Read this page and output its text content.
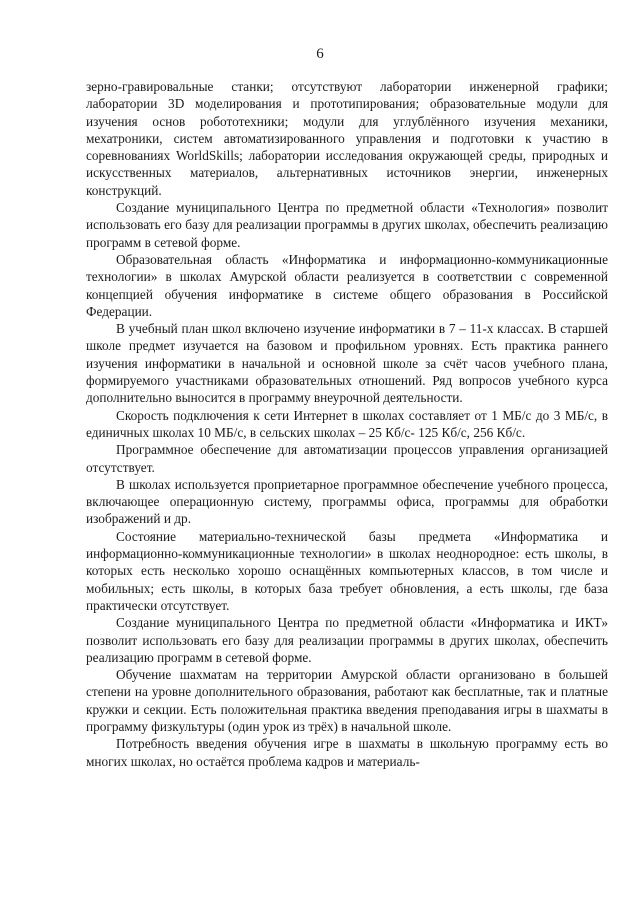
6

зерно-гравировальные станки; отсутствуют лаборатории инженерной графики; лаборатории 3D моделирования и прототипирования; образовательные модули для изучения основ робототехники; модули для углублённого изучения механики, мехатроники, систем автоматизированного управления и подготовки к участию в соревнованиях WorldSkills; лаборатории исследования окружающей среды, природных и искусственных материалов, альтернативных источников энергии, инженерных конструкций.

Создание муниципального Центра по предметной области «Технология» позволит использовать его базу для реализации программы в других школах, обеспечить реализацию программ в сетевой форме.

Образовательная область «Информатика и информационно-коммуникационные технологии» в школах Амурской области реализуется в соответствии с современной концепцией обучения информатике в системе общего образования в Российской Федерации.

В учебный план школ включено изучение информатики в 7 – 11-х классах. В старшей школе предмет изучается на базовом и профильном уровнях. Есть практика раннего изучения информатики в начальной и основной школе за счёт часов учебного плана, формируемого участниками образовательных отношений. Ряд вопросов учебного курса дополнительно выносится в программу внеурочной деятельности.

Скорость подключения к сети Интернет в школах составляет от 1 МБ/с до 3 МБ/с, в единичных школах 10 МБ/с, в сельских школах – 25 Кб/с- 125 Кб/с, 256 Кб/с.

Программное обеспечение для автоматизации процессов управления организацией отсутствует.

В школах используется проприетарное программное обеспечение учебного процесса, включающее операционную систему, программы офиса, программы для обработки изображений и др.

Состояние материально-технической базы предмета «Информатика и информационно-коммуникационные технологии» в школах неоднородное: есть школы, в которых есть несколько хорошо оснащённых компьютерных классов, в том числе и мобильных; есть школы, в которых база требует обновления, а есть школы, где база практически отсутствует.

Создание муниципального Центра по предметной области «Информатика и ИКТ» позволит использовать его базу для реализации программы в других школах, обеспечить реализацию программ в сетевой форме.

Обучение шахматам на территории Амурской области организовано в большей степени на уровне дополнительного образования, работают как бесплатные, так и платные кружки и секции. Есть положительная практика введения преподавания игры в шахматы в программу физкультуры (один урок из трёх) в начальной школе.

Потребность введения обучения игре в шахматы в школьную программу есть во многих школах, но остаётся проблема кадров и материаль-
